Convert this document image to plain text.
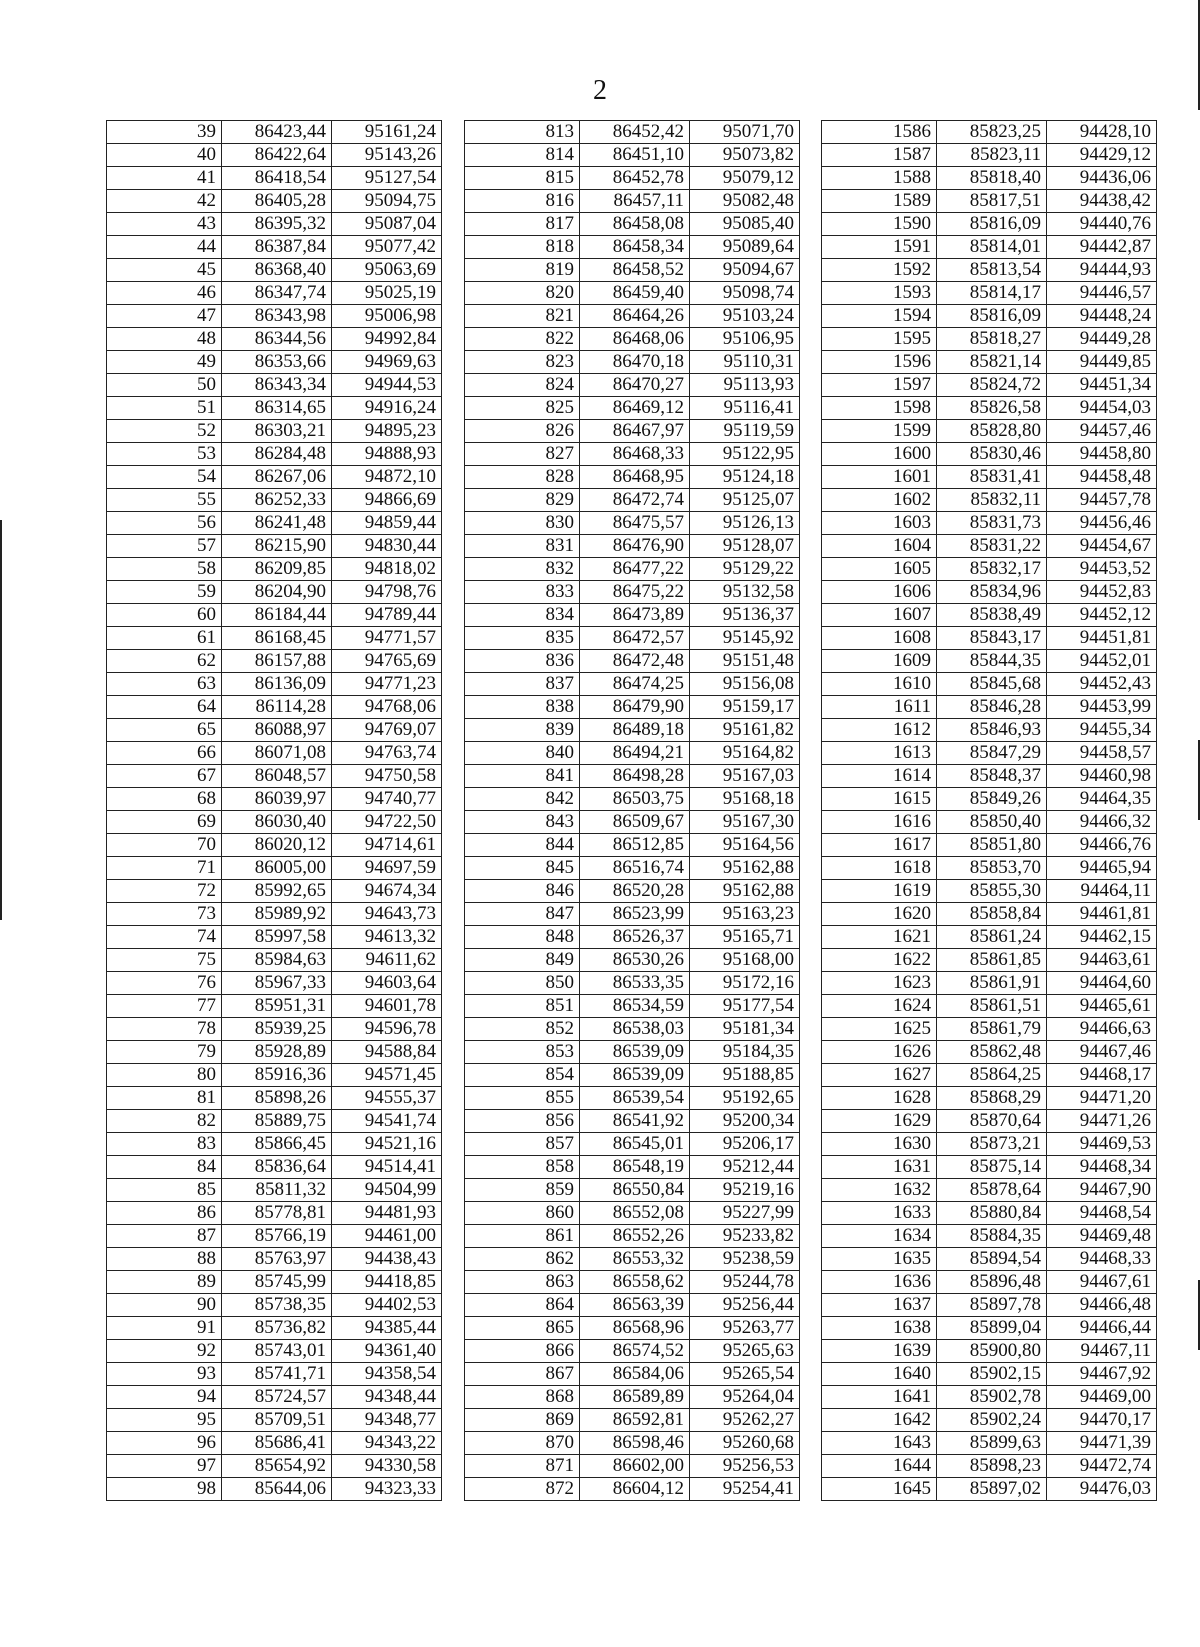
2
39	86423,44	95161,24
40	86422,64	95143,26
41	86418,54	95127,54
42	86405,28	95094,75
43	86395,32	95087,04
44	86387,84	95077,42
45	86368,40	95063,69
46	86347,74	95025,19
47	86343,98	95006,98
48	86344,56	94992,84
49	86353,66	94969,63
50	86343,34	94944,53
51	86314,65	94916,24
52	86303,21	94895,23
53	86284,48	94888,93
54	86267,06	94872,10
55	86252,33	94866,69
56	86241,48	94859,44
57	86215,90	94830,44
58	86209,85	94818,02
59	86204,90	94798,76
60	86184,44	94789,44
61	86168,45	94771,57
62	86157,88	94765,69
63	86136,09	94771,23
64	86114,28	94768,06
65	86088,97	94769,07
66	86071,08	94763,74
67	86048,57	94750,58
68	86039,97	94740,77
69	86030,40	94722,50
70	86020,12	94714,61
71	86005,00	94697,59
72	85992,65	94674,34
73	85989,92	94643,73
74	85997,58	94613,32
75	85984,63	94611,62
76	85967,33	94603,64
77	85951,31	94601,78
78	85939,25	94596,78
79	85928,89	94588,84
80	85916,36	94571,45
81	85898,26	94555,37
82	85889,75	94541,74
83	85866,45	94521,16
84	85836,64	94514,41
85	85811,32	94504,99
86	85778,81	94481,93
87	85766,19	94461,00
88	85763,97	94438,43
89	85745,99	94418,85
90	85738,35	94402,53
91	85736,82	94385,44
92	85743,01	94361,40
93	85741,71	94358,54
94	85724,57	94348,44
95	85709,51	94348,77
96	85686,41	94343,22
97	85654,92	94330,58
98	85644,06	94323,33
813	86452,42	95071,70
814	86451,10	95073,82
815	86452,78	95079,12
816	86457,11	95082,48
817	86458,08	95085,40
818	86458,34	95089,64
819	86458,52	95094,67
820	86459,40	95098,74
821	86464,26	95103,24
822	86468,06	95106,95
823	86470,18	95110,31
824	86470,27	95113,93
825	86469,12	95116,41
826	86467,97	95119,59
827	86468,33	95122,95
828	86468,95	95124,18
829	86472,74	95125,07
830	86475,57	95126,13
831	86476,90	95128,07
832	86477,22	95129,22
833	86475,22	95132,58
834	86473,89	95136,37
835	86472,57	95145,92
836	86472,48	95151,48
837	86474,25	95156,08
838	86479,90	95159,17
839	86489,18	95161,82
840	86494,21	95164,82
841	86498,28	95167,03
842	86503,75	95168,18
843	86509,67	95167,30
844	86512,85	95164,56
845	86516,74	95162,88
846	86520,28	95162,88
847	86523,99	95163,23
848	86526,37	95165,71
849	86530,26	95168,00
850	86533,35	95172,16
851	86534,59	95177,54
852	86538,03	95181,34
853	86539,09	95184,35
854	86539,09	95188,85
855	86539,54	95192,65
856	86541,92	95200,34
857	86545,01	95206,17
858	86548,19	95212,44
859	86550,84	95219,16
860	86552,08	95227,99
861	86552,26	95233,82
862	86553,32	95238,59
863	86558,62	95244,78
864	86563,39	95256,44
865	86568,96	95263,77
866	86574,52	95265,63
867	86584,06	95265,54
868	86589,89	95264,04
869	86592,81	95262,27
870	86598,46	95260,68
871	86602,00	95256,53
872	86604,12	95254,41
1586	85823,25	94428,10
1587	85823,11	94429,12
1588	85818,40	94436,06
1589	85817,51	94438,42
1590	85816,09	94440,76
1591	85814,01	94442,87
1592	85813,54	94444,93
1593	85814,17	94446,57
1594	85816,09	94448,24
1595	85818,27	94449,28
1596	85821,14	94449,85
1597	85824,72	94451,34
1598	85826,58	94454,03
1599	85828,80	94457,46
1600	85830,46	94458,80
1601	85831,41	94458,48
1602	85832,11	94457,78
1603	85831,73	94456,46
1604	85831,22	94454,67
1605	85832,17	94453,52
1606	85834,96	94452,83
1607	85838,49	94452,12
1608	85843,17	94451,81
1609	85844,35	94452,01
1610	85845,68	94452,43
1611	85846,28	94453,99
1612	85846,93	94455,34
1613	85847,29	94458,57
1614	85848,37	94460,98
1615	85849,26	94464,35
1616	85850,40	94466,32
1617	85851,80	94466,76
1618	85853,70	94465,94
1619	85855,30	94464,11
1620	85858,84	94461,81
1621	85861,24	94462,15
1622	85861,85	94463,61
1623	85861,91	94464,60
1624	85861,51	94465,61
1625	85861,79	94466,63
1626	85862,48	94467,46
1627	85864,25	94468,17
1628	85868,29	94471,20
1629	85870,64	94471,26
1630	85873,21	94469,53
1631	85875,14	94468,34
1632	85878,64	94467,90
1633	85880,84	94468,54
1634	85884,35	94469,48
1635	85894,54	94468,33
1636	85896,48	94467,61
1637	85897,78	94466,48
1638	85899,04	94466,44
1639	85900,80	94467,11
1640	85902,15	94467,92
1641	85902,78	94469,00
1642	85902,24	94470,17
1643	85899,63	94471,39
1644	85898,23	94472,74
1645	85897,02	94476,03
